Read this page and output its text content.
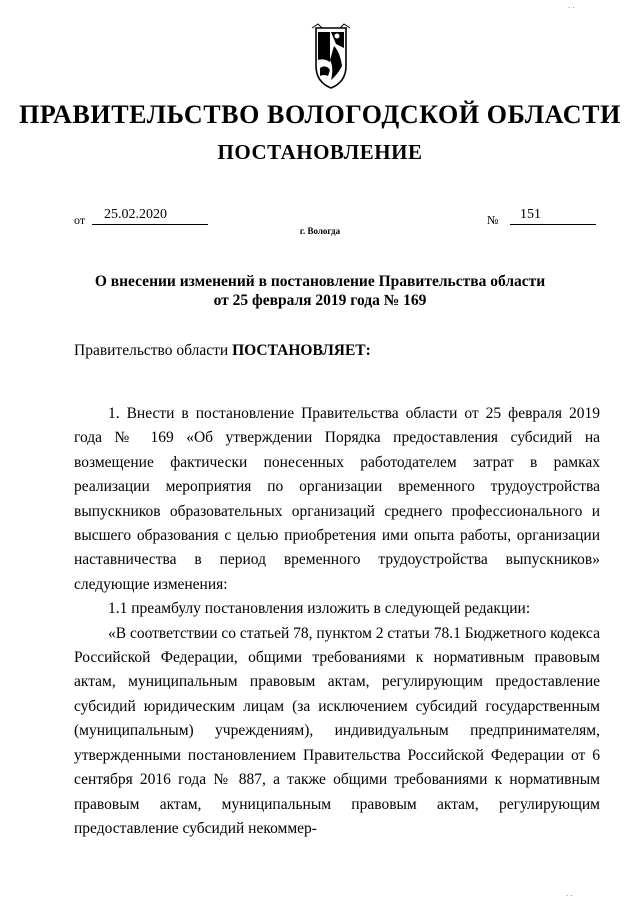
ПРАВИТЕЛЬСТВО ВОЛОГОДСКОЙ ОБЛАСТИ
ПОСТАНОВЛЕНИЕ
от 25.02.2020	№ 151
г. Вологда
О внесении изменений в постановление Правительства области
от 25 февраля 2019 года № 169
Правительство области ПОСТАНОВЛЯЕТ:

1. Внести в постановление Правительства области от 25 февраля 2019 года № 169 «Об утверждении Порядка предоставления субсидий на возмещение фактически понесенных работодателем затрат в рамках реализации мероприятия по организации временного трудоустройства выпускников образовательных организаций среднего профессионального и высшего образования с целью приобретения ими опыта работы, организации наставничества в период временного трудоустройства выпускников» следующие изменения:

1.1 преамбулу постановления изложить в следующей редакции:

«В соответствии со статьей 78, пунктом 2 статьи 78.1 Бюджетного кодекса Российской Федерации, общими требованиями к нормативным правовым актам, муниципальным правовым актам, регулирующим предоставление субсидий юридическим лицам (за исключением субсидий государственным (муниципальным) учреждениям), индивидуальным предпринимателям, утвержденными постановлением Правительства Российской Федерации от 6 сентября 2016 года № 887, а также общими требованиями к нормативным правовым актам, муниципальным правовым актам, регулирующим предоставление субсидий некоммер-

· ·
· ·
